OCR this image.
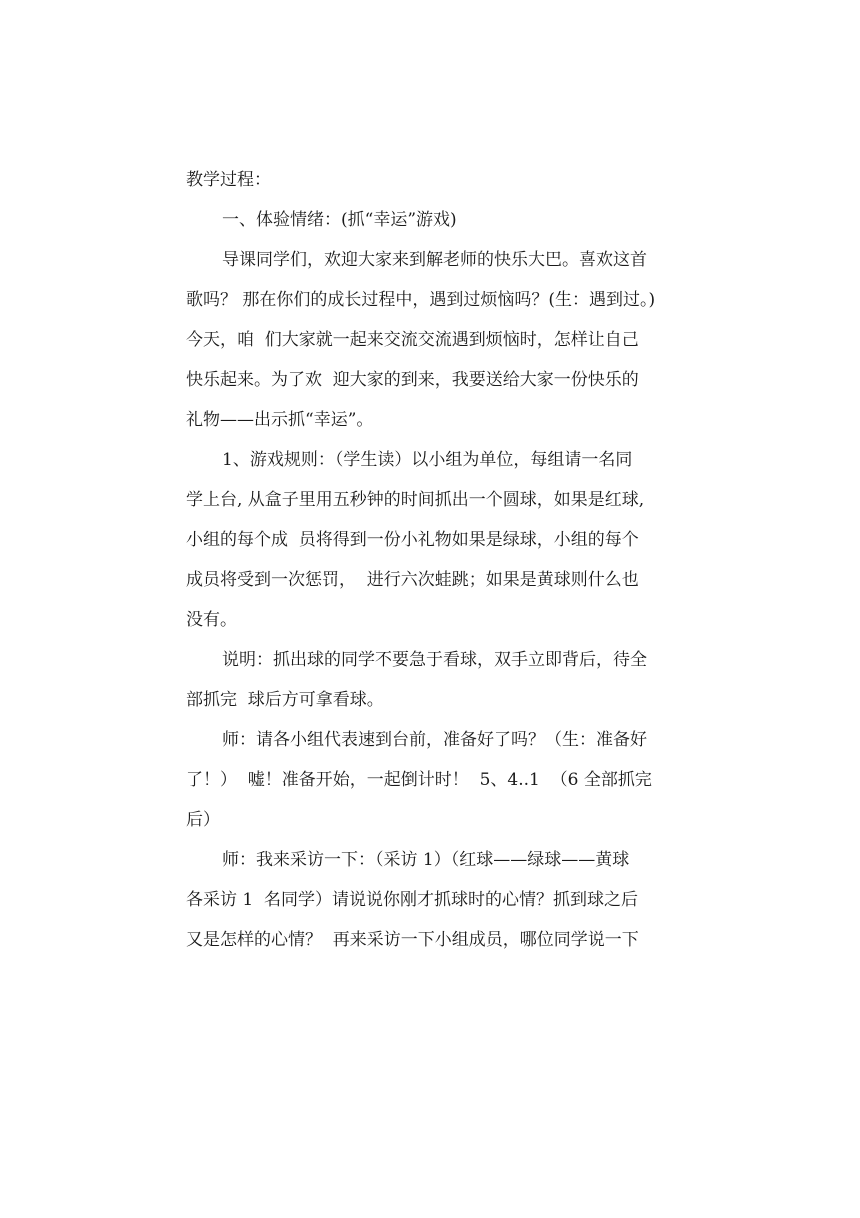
教学过程：
一、体验情绪：(抓“幸运”游戏)
导课同学们，欢迎大家来到解老师的快乐大巴。喜欢这首
歌吗？ 那在你们的成长过程中，遇到过烦恼吗？(生：遇到过。)
今天，咱  们大家就一起来交流交流遇到烦恼时，怎样让自己
快乐起来。为了欢  迎大家的到来，我要送给大家一份快乐的
礼物——出示抓“幸运”。
1、游戏规则：（学生读）以小组为单位，每组请一名同
学上台, 从盒子里用五秒钟的时间抓出一个圆球，如果是红球,
小组的每个成  员将得到一份小礼物如果是绿球，小组的每个
成员将受到一次惩罚，  进行六次蛙跳；如果是黄球则什么也
没有。
说明：抓出球的同学不要急于看球，双手立即背后，待全
部抓完  球后方可拿看球。
师：请各小组代表速到台前，准备好了吗？（生：准备好
了！）  嘘！准备开始，一起倒计时！  5、4..1  （6 全部抓完
后）
师：我来采访一下：（采访 1）（红球——绿球——黄球
各采访 1  名同学）请说说你刚才抓球时的心情？抓到球之后
又是怎样的心情？  再来采访一下小组成员，哪位同学说一下
